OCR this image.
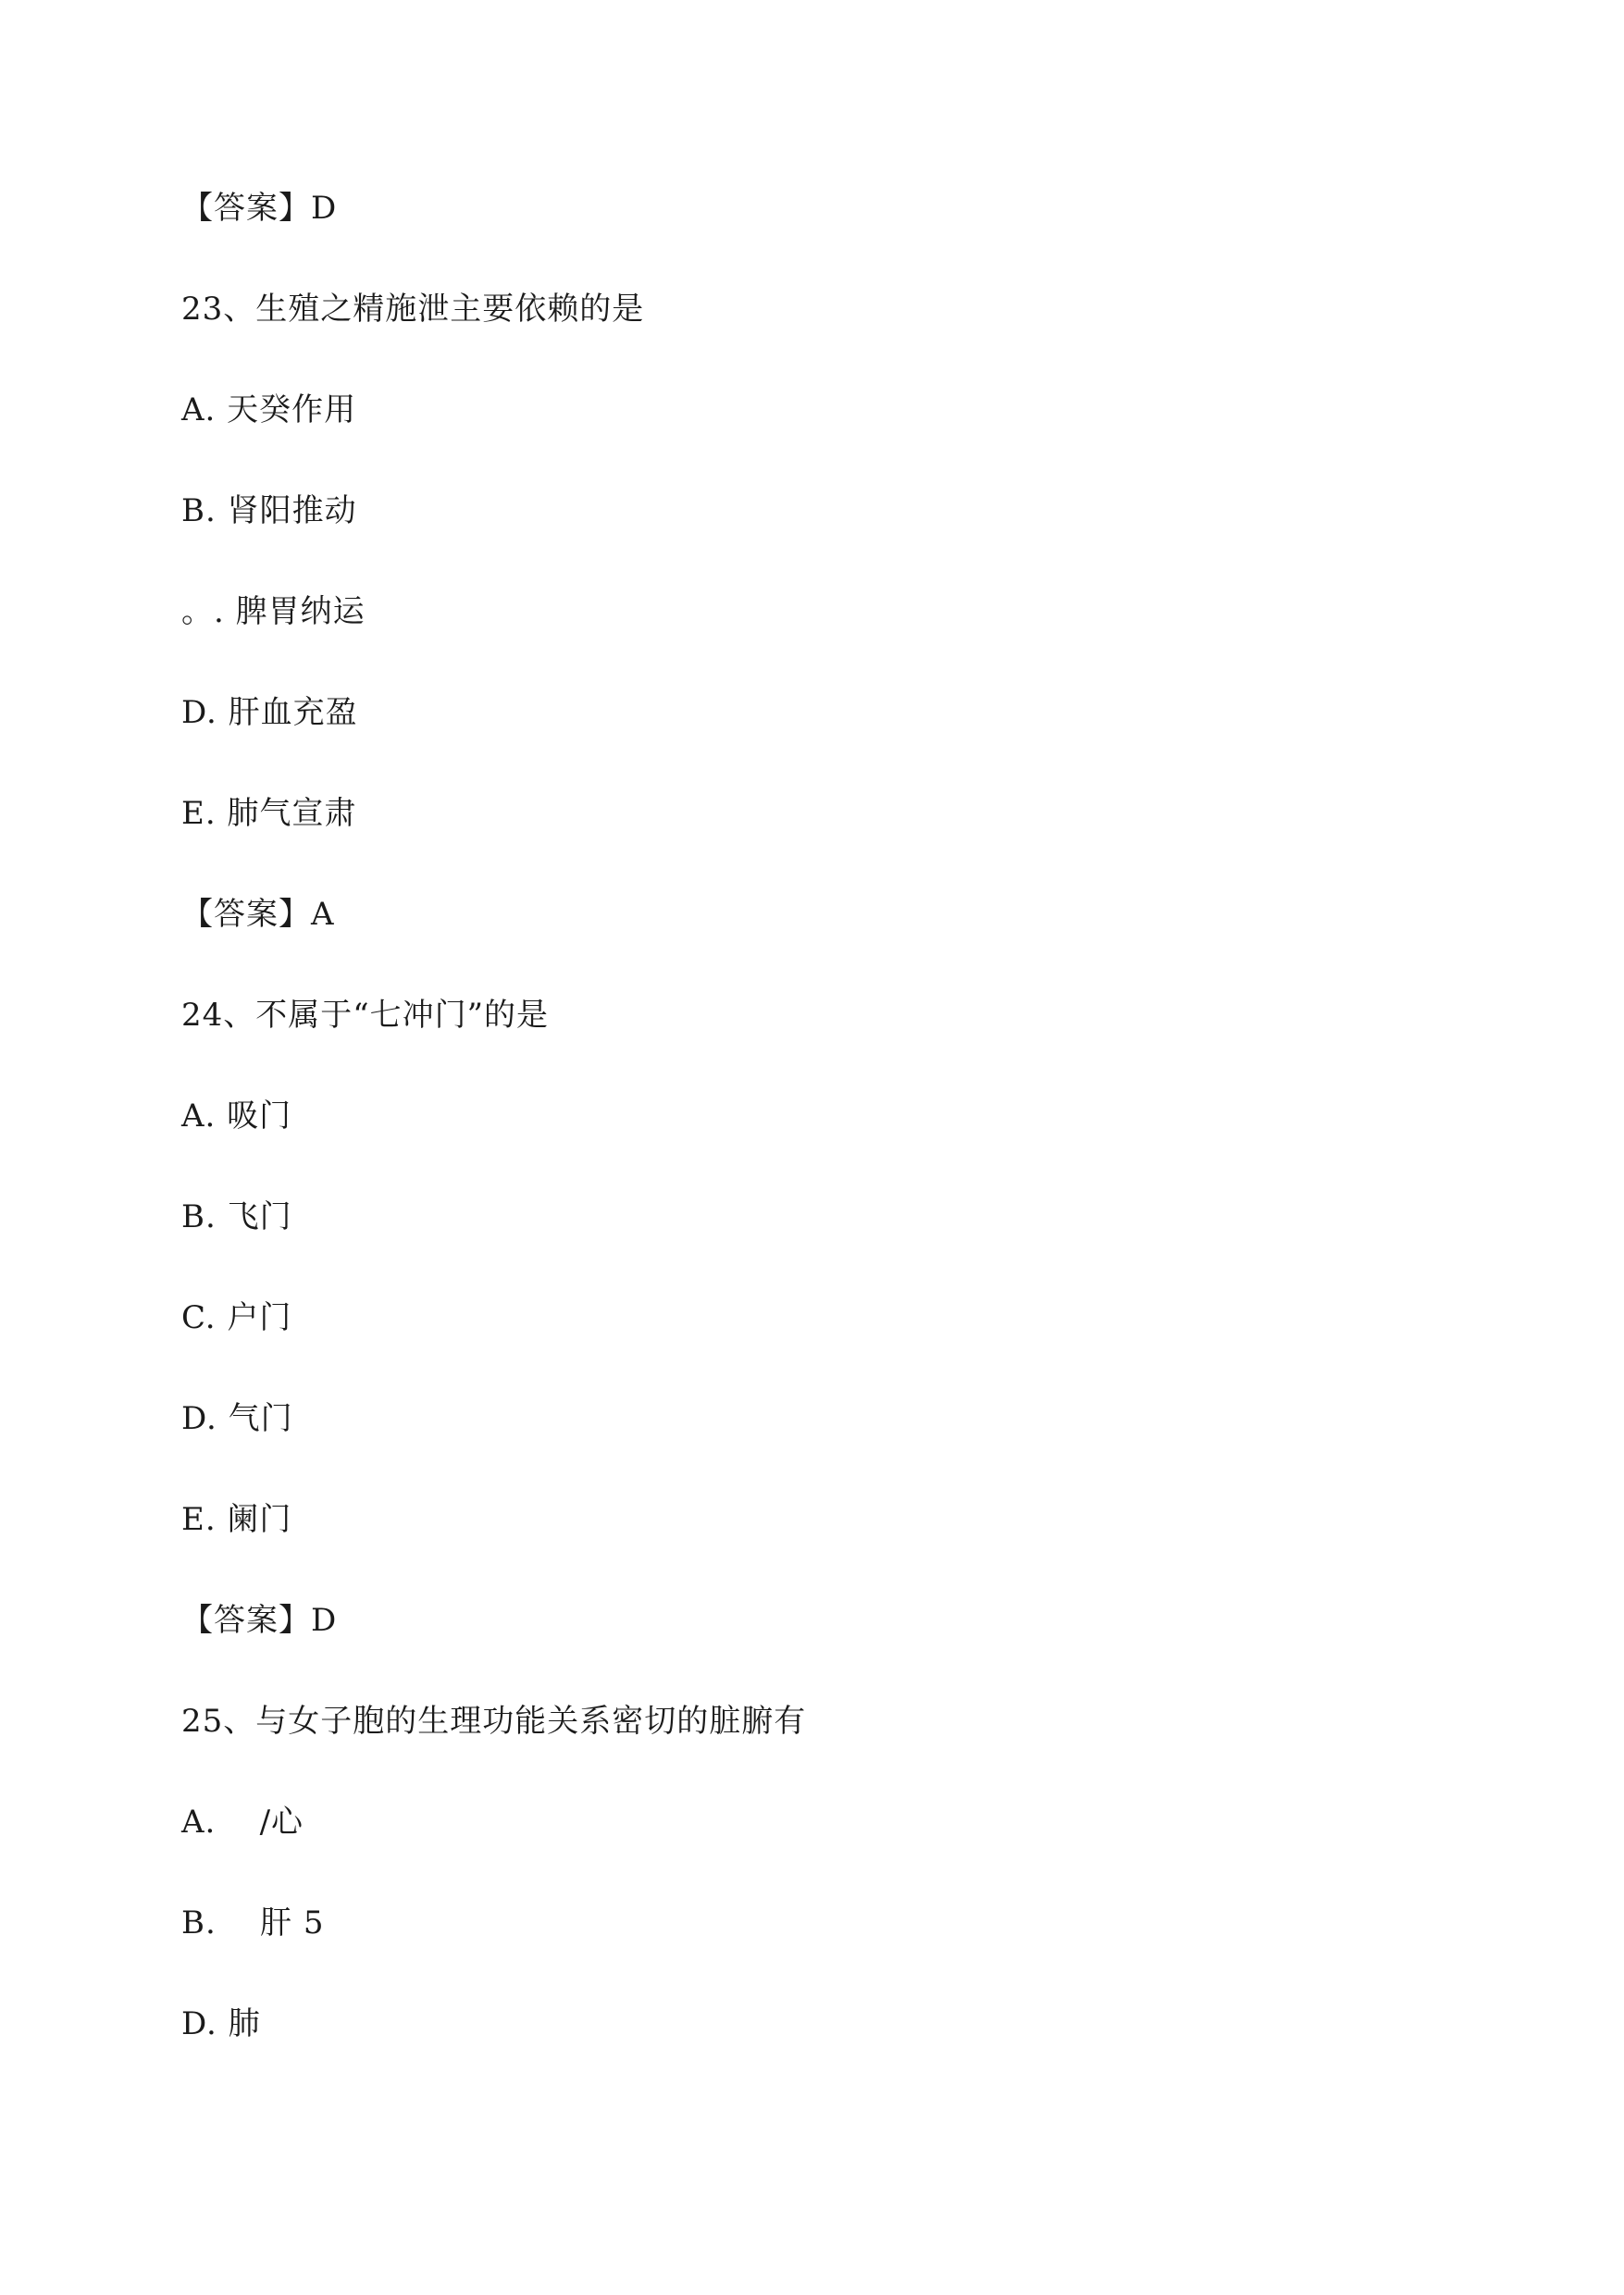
【答案】D
23、生殖之精施泄主要依赖的是
A. 天癸作用
B. 肾阳推动
。. 脾胃纳运
D. 肝血充盈
E. 肺气宣肃
【答案】A
24、不属于“七冲门”的是
A. 吸门
B. 飞门
C. 户门
D. 气门
E. 阑门
【答案】D
25、与女子胞的生理功能关系密切的脏腑有
A.    /心
B.    肝 5
D. 肺
